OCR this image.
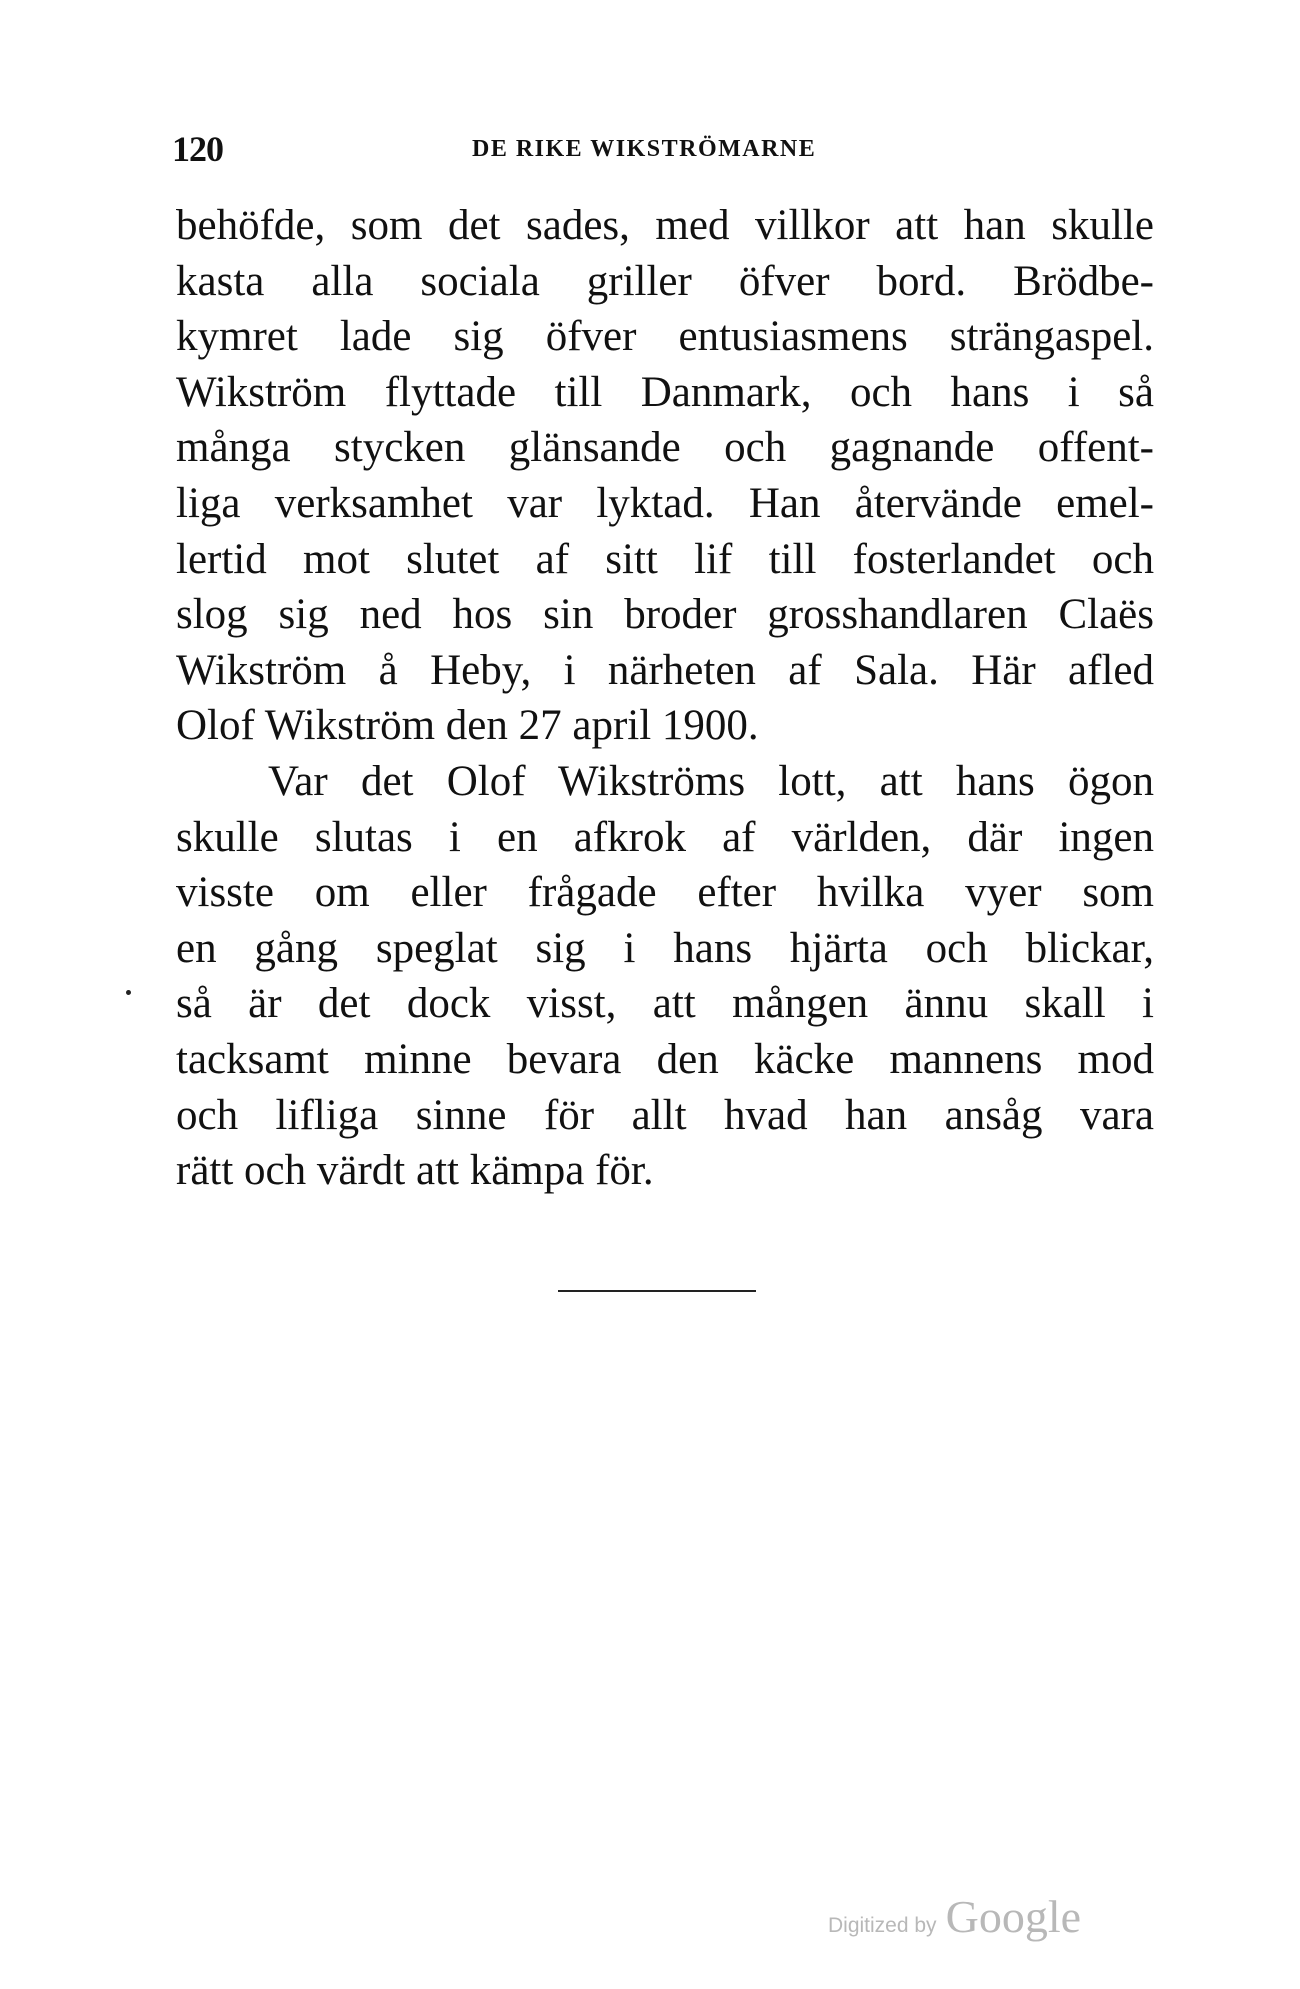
120	DE RIKE WIKSTRÖMARNE
behöfde, som det sades, med villkor att han skulle
kasta alla sociala griller öfver bord. Brödbe-
kymret lade sig öfver entusiasmens strängaspel.
Wikström flyttade till Danmark, och hans i så
många stycken glänsande och gagnande offent-
liga verksamhet var lyktad. Han återvände emel-
lertid mot slutet af sitt lif till fosterlandet och
slog sig ned hos sin broder grosshandlaren Claës
Wikström å Heby, i närheten af Sala. Här afled
Olof Wikström den 27 april 1900.
Var det Olof Wikströms lott, att hans ögon
skulle slutas i en afkrok af världen, där ingen
visste om eller frågade efter hvilka vyer som
en gång speglat sig i hans hjärta och blickar,
så är det dock visst, att mången ännu skall i
tacksamt minne bevara den käcke mannens mod
och lifliga sinne för allt hvad han ansåg vara
rätt och värdt att kämpa för.
Digitized by Google
